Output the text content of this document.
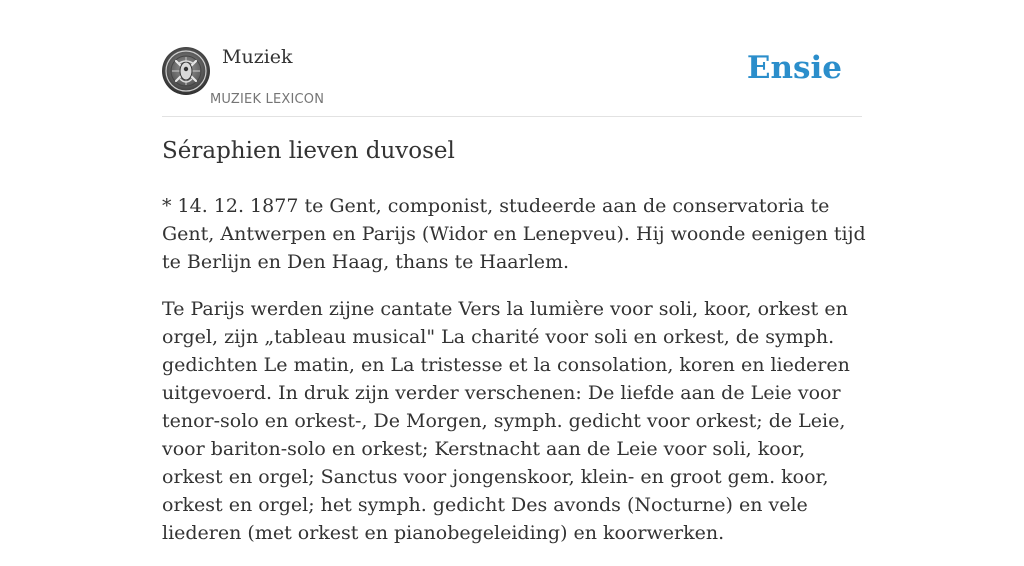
Muziek
MUZIEK LEXICON
Ensie
Séraphien lieven duvosel

* 14. 12. 1877 te Gent, componist, studeerde aan de conservatoria te Gent, Antwerpen en Parijs (Widor en Lenepveu). Hij woonde eenigen tijd te Berlijn en Den Haag, thans te Haarlem.

Te Parijs werden zijne cantate Vers la lumière voor soli, koor, orkest en orgel, zijn „tableau musical" La charité voor soli en orkest, de symph. gedichten Le matin, en La tristesse et la consolation, koren en liederen uitgevoerd. In druk zijn verder verschenen: De liefde aan de Leie voor tenor-solo en orkest-, De Morgen, symph. gedicht voor orkest; de Leie, voor bariton-solo en orkest; Kerstnacht aan de Leie voor soli, koor, orkest en orgel; Sanctus voor jongenskoor, klein- en groot gem. koor, orkest en orgel; het symph. gedicht Des avonds (Nocturne) en vele liederen (met orkest en pianobegeleiding) en koorwerken.
